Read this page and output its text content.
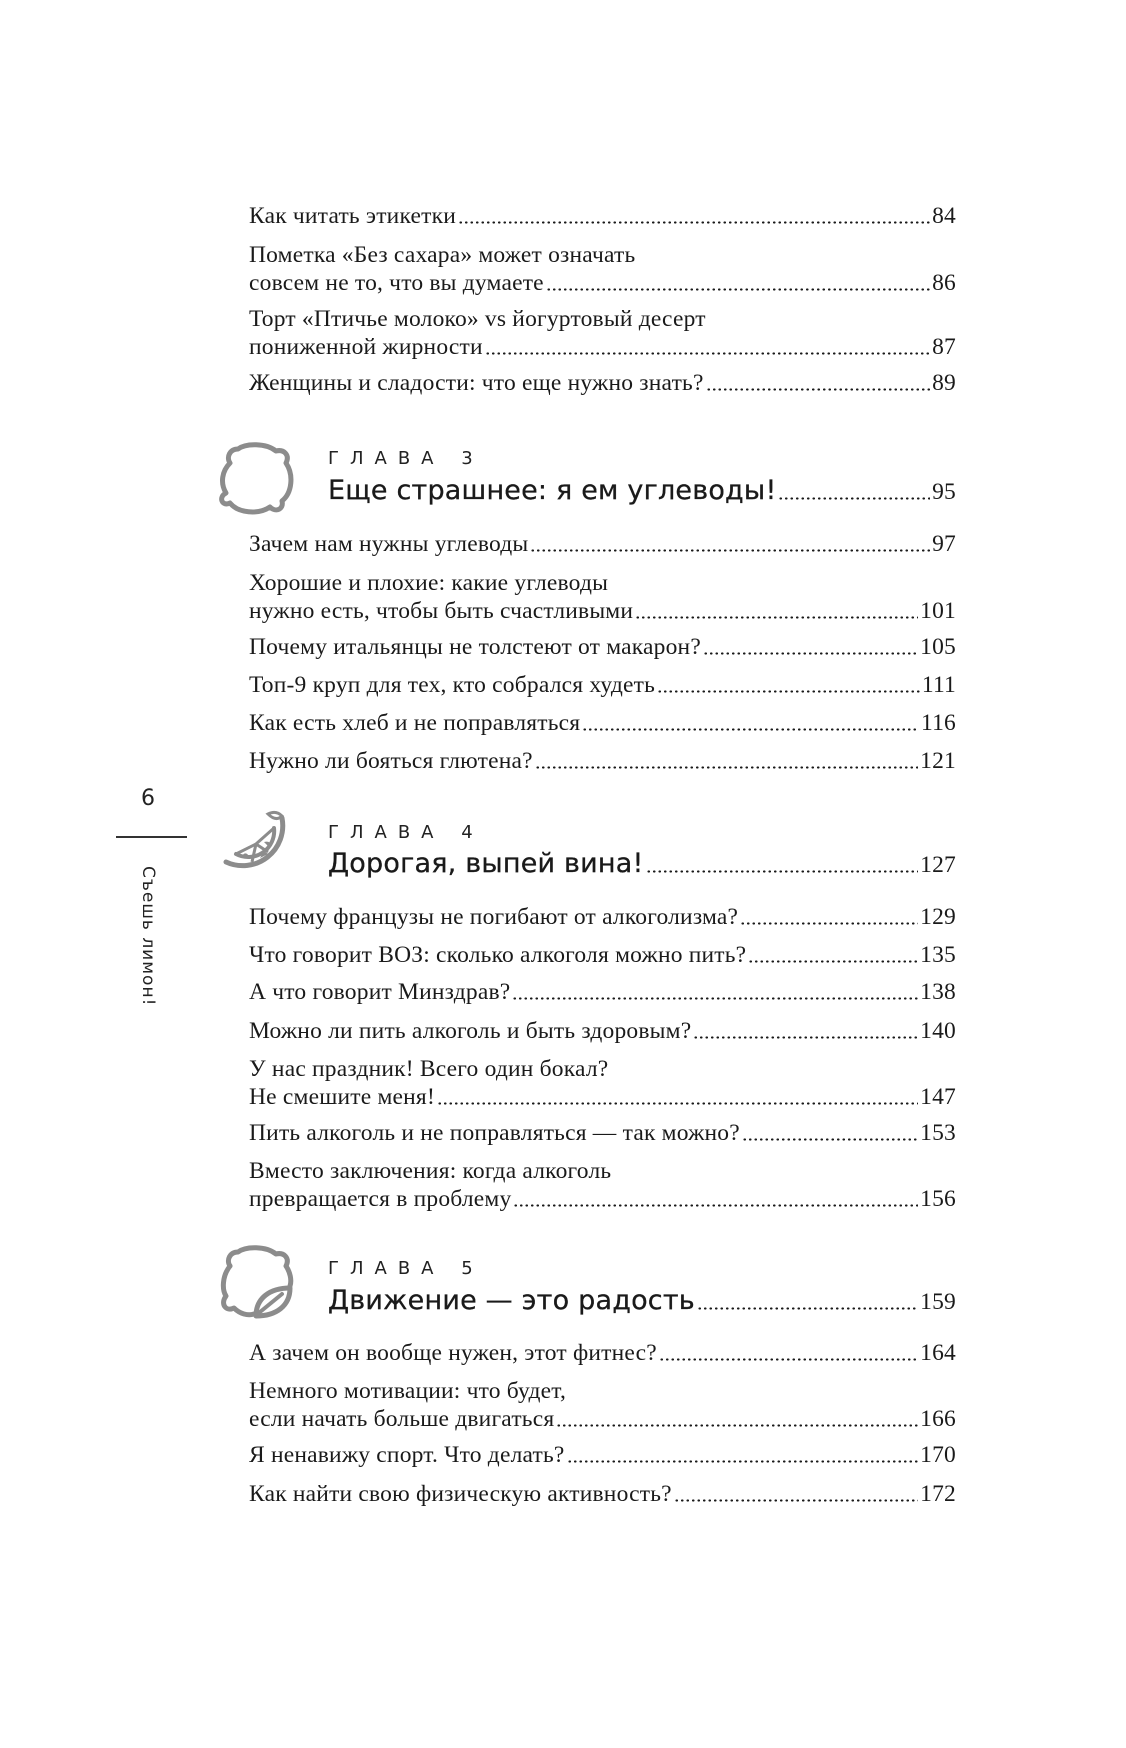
6
Съешь лимон!
Как читать этикетки	84
Пометка «Без сахара» может означать
совсем не то, что вы думаете	86
Торт «Птичье молоко» vs йогуртовый десерт
пониженной жирности	87
Женщины и сладости: что еще нужно знать?	89
ГЛАВА 3
Еще страшнее: я ем углеводы!	95
Зачем нам нужны углеводы	97
Хорошие и плохие: какие углеводы
нужно есть, чтобы быть счастливыми	101
Почему итальянцы не толстеют от макарон?	105
Топ-9 круп для тех, кто собрался худеть	111
Как есть хлеб и не поправляться	116
Нужно ли бояться глютена?	121
ГЛАВА 4
Дорогая, выпей вина!	127
Почему французы не погибают от алкоголизма?	129
Что говорит ВОЗ: сколько алкоголя можно пить?	135
А что говорит Минздрав?	138
Можно ли пить алкоголь и быть здоровым?	140
У нас праздник! Всего один бокал?
Не смешите меня!	147
Пить алкоголь и не поправляться — так можно?	153
Вместо заключения: когда алкоголь
превращается в проблему	156
ГЛАВА 5
Движение — это радость	159
А зачем он вообще нужен, этот фитнес?	164
Немного мотивации: что будет,
если начать больше двигаться	166
Я ненавижу спорт. Что делать?	170
Как найти свою физическую активность?	172
